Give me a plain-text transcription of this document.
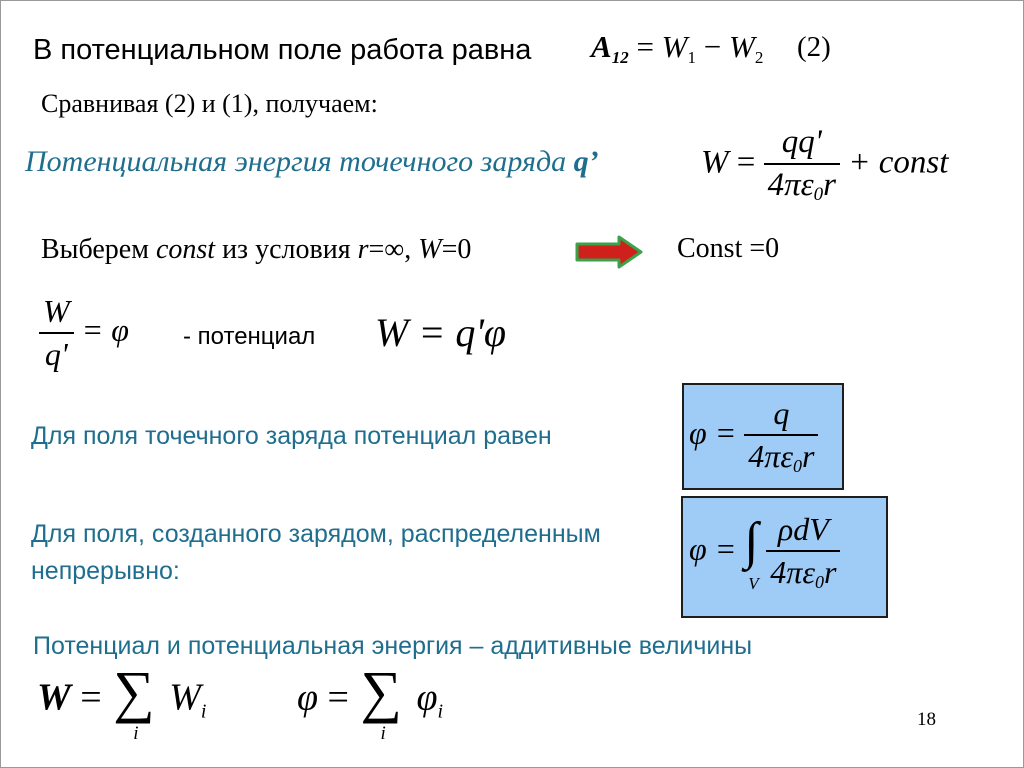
В потенциальном поле работа равна A12 = W1 − W2 (2)
Сравнивая (2) и (1), получаем:
Потенциальная энергия точечного заряда q’	$W = \frac{qq'}{4\pi\varepsilon 0r}$ + const
Выберем const из условия r=∞, W=0	Const =0
$\frac{W}{q'} = \varphi$ - потенциал W = q'φ
$\varphi = \frac{q}{4\pi\varepsilon 0r}$
Для поля точечного заряда потенциал равен
φ = ∫
V $\frac{\text{ρdV}}{4\pi\varepsilon 0r}$
Для поля, созданного зарядом, распределенным
непрерывно:
Потенциал и потенциальная энергия – аддитивные величины
W = ∑
i
$W_i$ φ = ∑
i
$\varphi_i$	18
